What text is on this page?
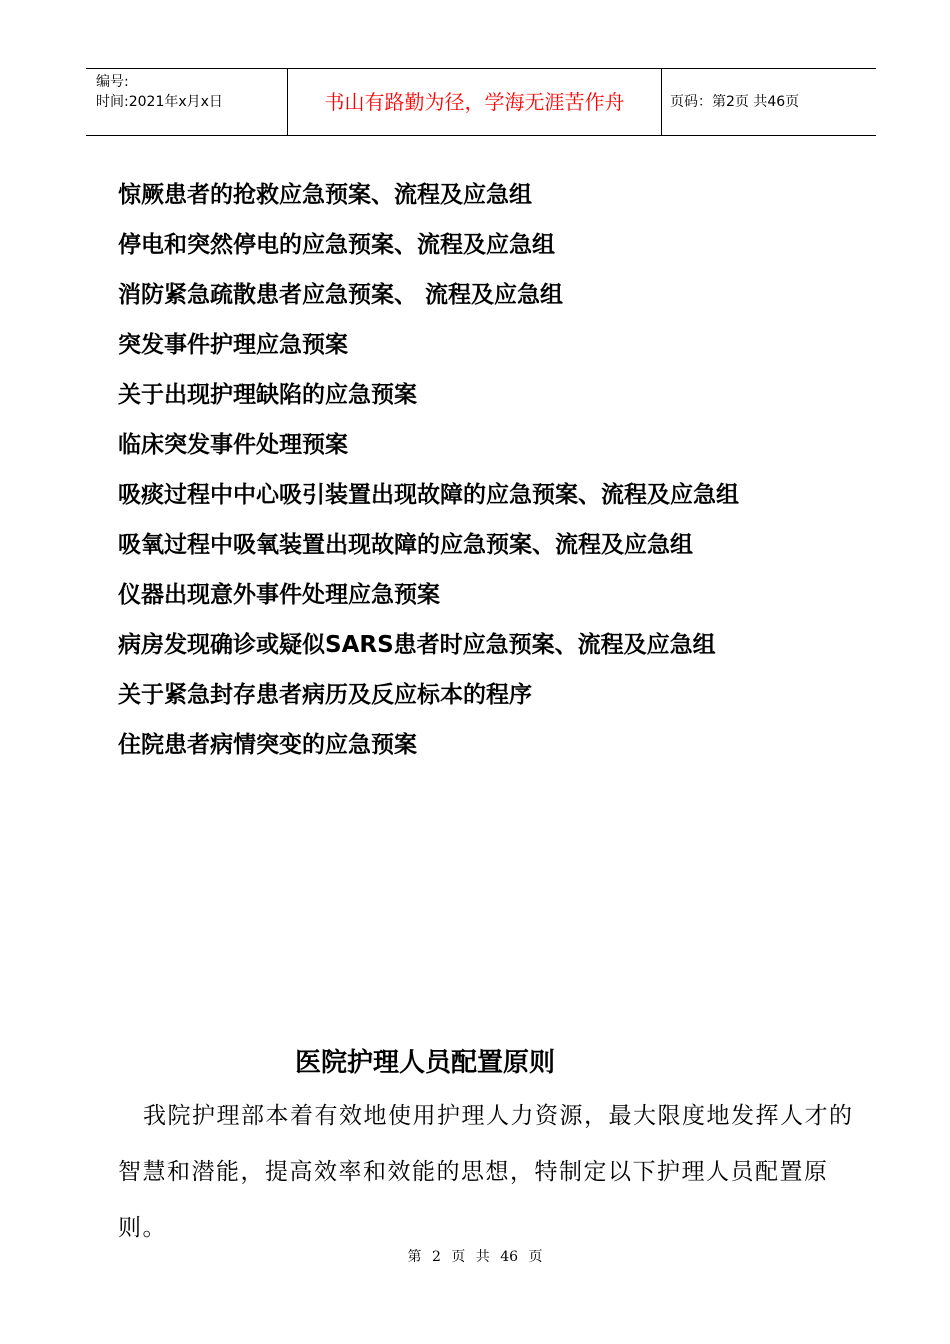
编号:
时间:2021年x月x日	书山有路勤为径，学海无涯苦作舟	页码：第2页 共46页
惊厥患者的抢救应急预案、流程及应急组
停电和突然停电的应急预案、流程及应急组
消防紧急疏散患者应急预案、 流程及应急组
突发事件护理应急预案
关于出现护理缺陷的应急预案
临床突发事件处理预案
吸痰过程中中心吸引装置出现故障的应急预案、流程及应急组
吸氧过程中吸氧装置出现故障的应急预案、流程及应急组
仪器出现意外事件处理应急预案
病房发现确诊或疑似SARS患者时应急预案、流程及应急组
关于紧急封存患者病历及反应标本的程序
住院患者病情突变的应急预案
医院护理人员配置原则
我院护理部本着有效地使用护理人力资源，最大限度地发挥人才的智慧和潜能，提高效率和效能的思想，特制定以下护理人员配置原则。
第 2 页 共 46 页
